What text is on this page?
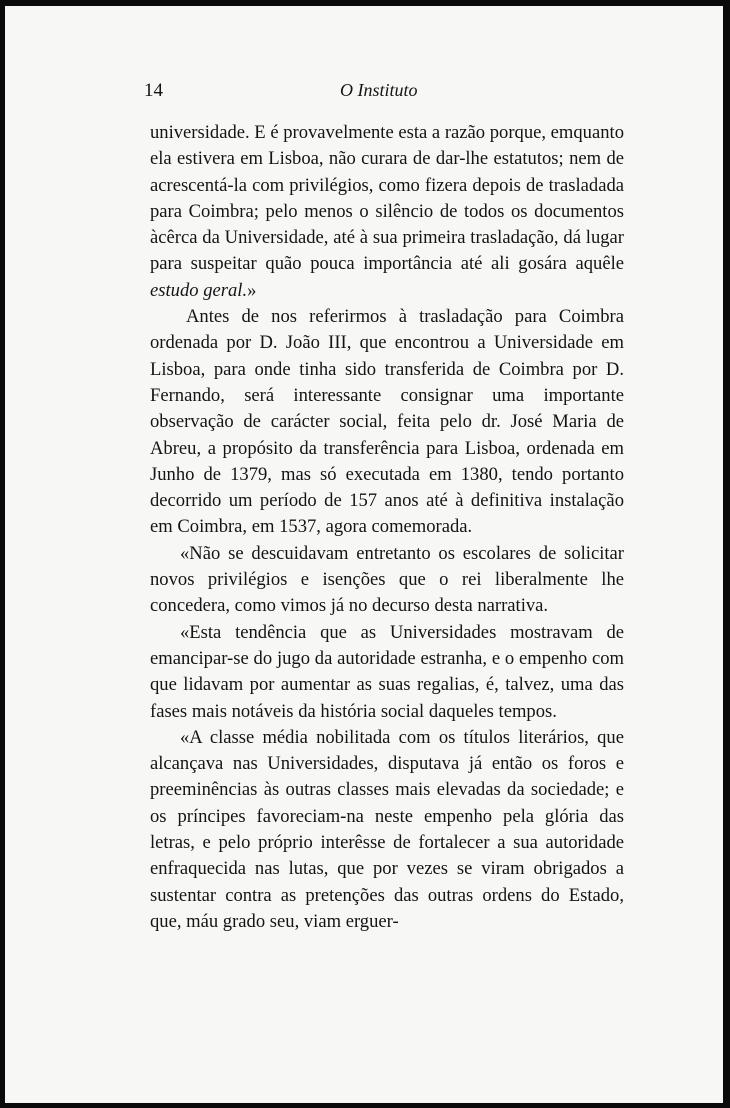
14	O Instituto

universidade. E é provavelmente esta a razão porque, emquanto ela estivera em Lisboa, não curara de dar-lhe estatutos; nem de acrescentá-la com privilégios, como fizera depois de trasladada para Coimbra; pelo menos o silêncio de todos os documentos àcêrca da Universidade, até à sua primeira trasladação, dá lugar para suspeitar quão pouca importância até ali gosára aquêle estudo geral.»

Antes de nos referirmos à trasladação para Coimbra ordenada por D. João III, que encontrou a Universidade em Lisboa, para onde tinha sido transferida de Coimbra por D. Fernando, será interessante consignar uma importante observação de carácter social, feita pelo dr. José Maria de Abreu, a propósito da transferência para Lisboa, ordenada em Junho de 1379, mas só executada em 1380, tendo portanto decorrido um período de 157 anos até à definitiva instalação em Coimbra, em 1537, agora comemorada.

«Não se descuidavam entretanto os escolares de solicitar novos privilégios e isenções que o rei liberalmente lhe concedera, como vimos já no decurso desta narrativa.

«Esta tendência que as Universidades mostravam de emancipar-se do jugo da autoridade estranha, e o empenho com que lidavam por aumentar as suas regalias, é, talvez, uma das fases mais notáveis da história social daqueles tempos.

«A classe média nobilitada com os títulos literários, que alcançava nas Universidades, disputava já então os foros e preeminências às outras classes mais elevadas da sociedade; e os príncipes favoreciam-na neste empenho pela glória das letras, e pelo próprio interêsse de fortalecer a sua autoridade enfraquecida nas lutas, que por vezes se viram obrigados a sustentar contra as pretenções das outras ordens do Estado, que, máu grado seu, viam erguer-
